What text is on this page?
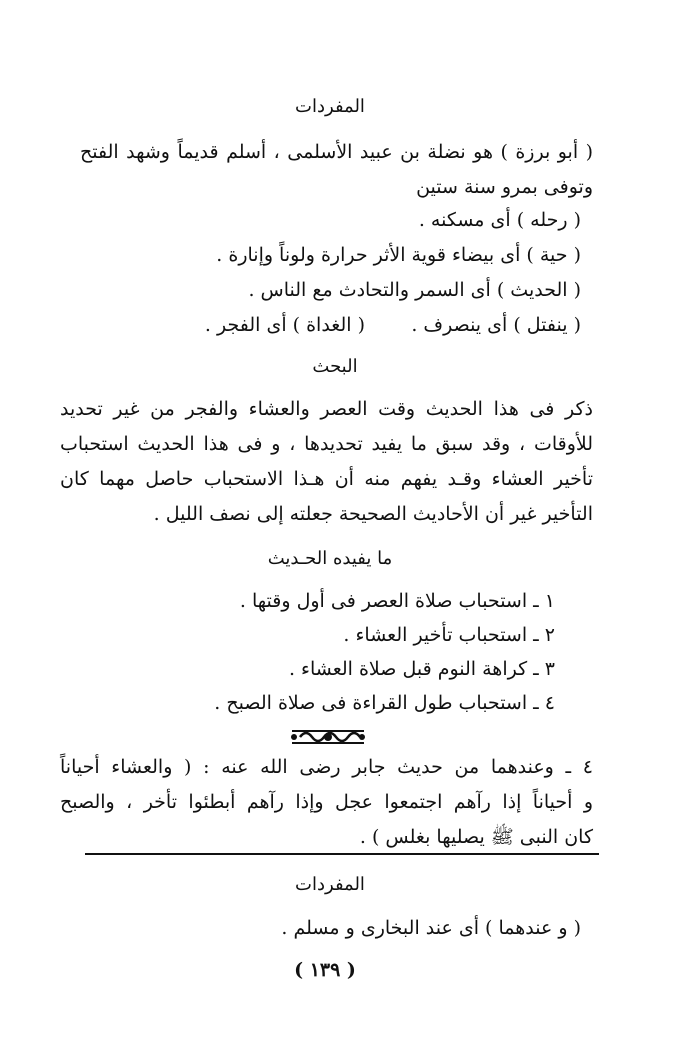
المفردات
( أبو برزة ) هو نضلة بن عبيد الأسلمى ، أسلم قديماً وشهد الفتح
وتوفى بمرو سنة ستين
( رحله ) أى مسكنه .
( حية ) أى بيضاء قوية الأثر حرارة ولوناً وإنارة .
( الحديث ) أى السمر والتحادث مع الناس .
( ينفتل ) أى ينصرف .
( الغداة ) أى الفجر .
البحث
ذكر فى هذا الحديث وقت العصر والعشاء والفجر من غير تحديد
للأوقات ، وقد سبق ما يفيد تحديدها ، و فى هذا الحديث استحباب
تأخير العشاء وقـد يفهم منه أن هـذا الاستحباب حاصل مهما كان
التأخير غير أن الأحاديث الصحيحة جعلته إلى نصف الليل .
ما يفيده الحـديث
١ ـ استحباب صلاة العصر فى أول وقتها .
٢ ـ استحباب تأخير العشاء .
٣ ـ كراهة النوم قبل صلاة العشاء .
٤ ـ استحباب طول القراءة فى صلاة الصبح .
٤ ـ وعندهما من حديث جابر رضى الله عنه : ( والعشاء أحياناً
و أحياناً إذا رآهم اجتمعوا عجل وإذا رآهم أبطئوا تأخر ، والصبح
كان النبى ﷺ يصليها بغلس ) .
المفردات
( و عندهما ) أى عند البخارى و مسلم .
( ١٣٩ )
